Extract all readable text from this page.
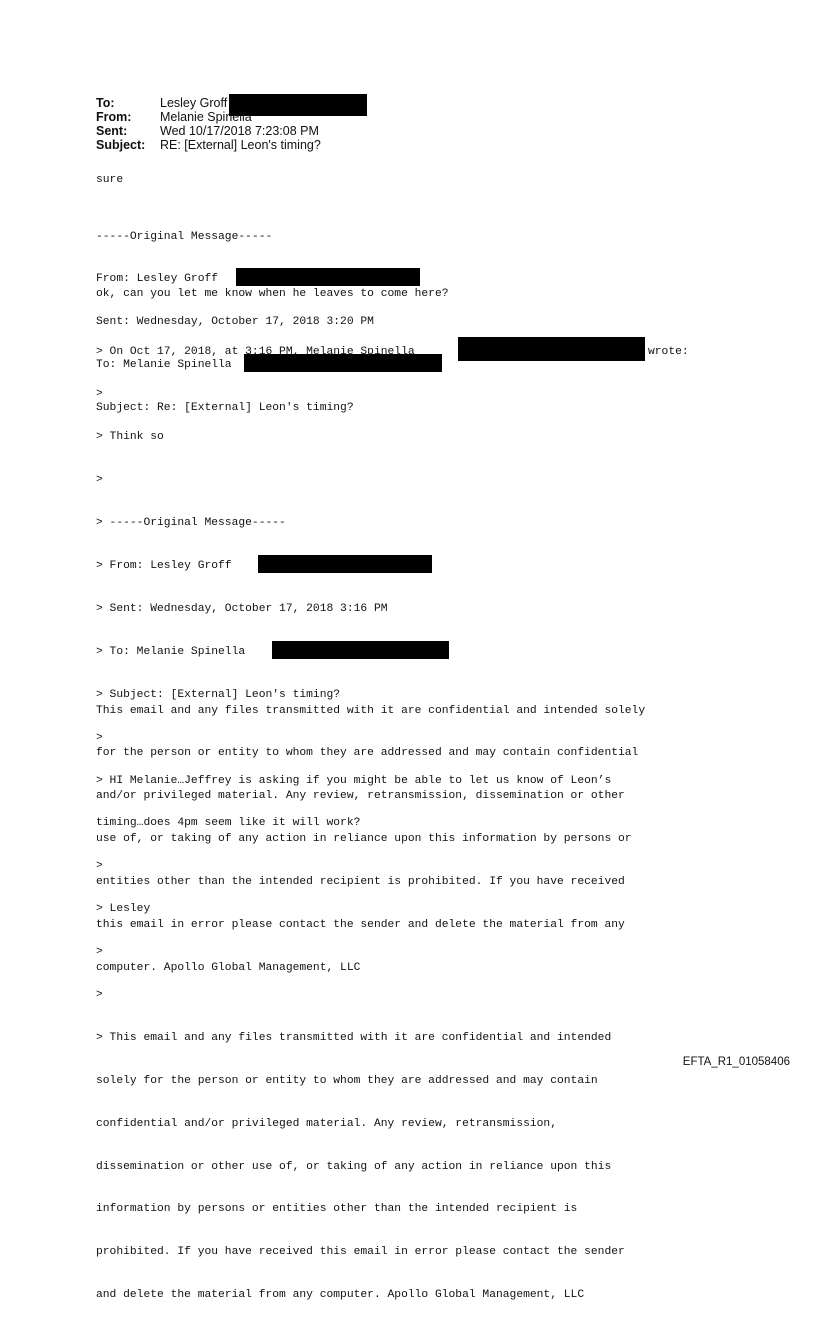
To:	Lesley Groff
From:	Melanie Spinella
Sent:	Wed 10/17/2018 7:23:08 PM
Subject:	RE: [External] Leon's timing?
sure

-----Original Message-----

From: Lesley Groff

Sent: Wednesday, October 17, 2018 3:20 PM

To: Melanie Spinella

Subject: Re: [External] Leon's timing?

ok, can you let me know when he leaves to come here?

> On Oct 17, 2018, at 3:16 PM, Melanie Spinella	wrote:

>

> Think so

>

> -----Original Message-----

> From: Lesley Groff

> Sent: Wednesday, October 17, 2018 3:16 PM

> To: Melanie Spinella

> Subject: [External] Leon's timing?

>

> HI Melanie…Jeffrey is asking if you might be able to let us know of Leon’s

timing…does 4pm seem like it will work?

>

> Lesley

>

>

> This email and any files transmitted with it are confidential and intended

solely for the person or entity to whom they are addressed and may contain

confidential and/or privileged material. Any review, retransmission,

dissemination or other use of, or taking of any action in reliance upon this

information by persons or entities other than the intended recipient is

prohibited. If you have received this email in error please contact the sender

and delete the material from any computer. Apollo Global Management, LLC

This email and any files transmitted with it are confidential and intended solely

for the person or entity to whom they are addressed and may contain confidential

and/or privileged material. Any review, retransmission, dissemination or other

use of, or taking of any action in reliance upon this information by persons or

entities other than the intended recipient is prohibited. If you have received

this email in error please contact the sender and delete the material from any

computer. Apollo Global Management, LLC

EFTA_R1_01058406
